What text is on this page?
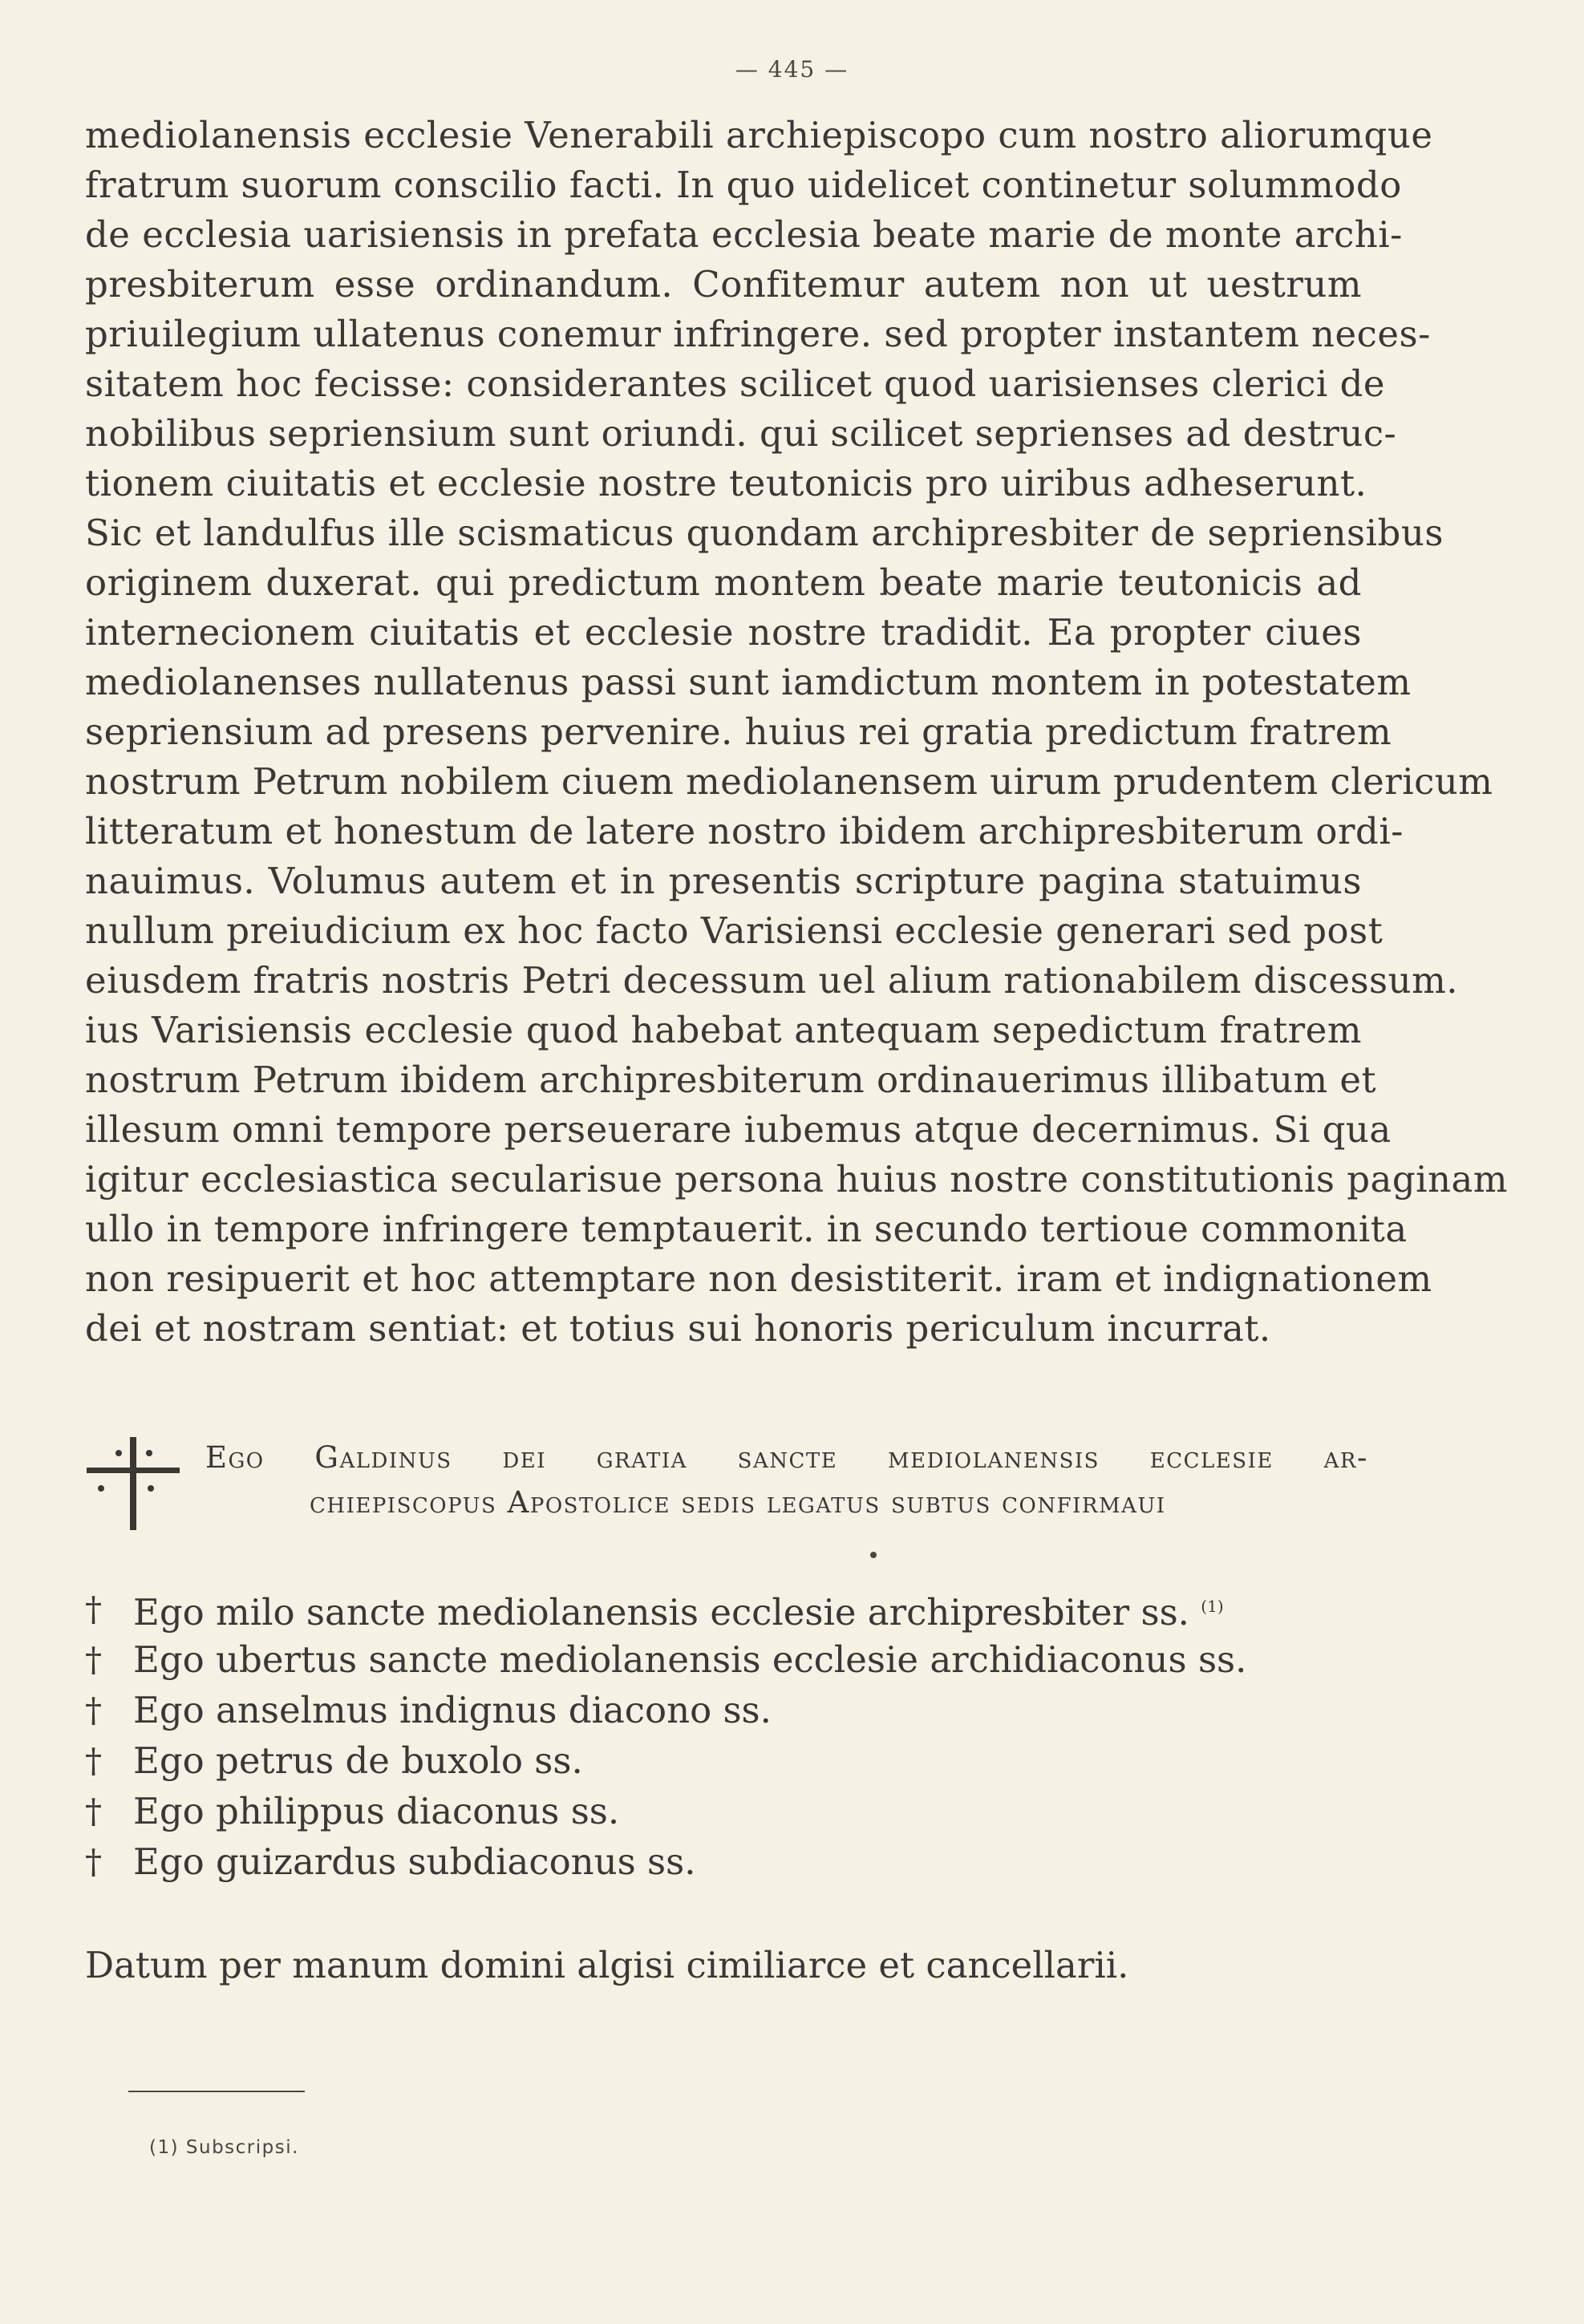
— 445 —
mediolanensis ecclesie Venerabili archiepiscopo cum nostro aliorumque
fratrum suorum conscilio facti. In quo uidelicet continetur solummodo
de ecclesia uarisiensis in prefata ecclesia beate marie de monte archi-
presbiterum esse ordinandum. Confitemur autem non ut uestrum
priuilegium ullatenus conemur infringere. sed propter instantem neces-
sitatem hoc fecisse: considerantes scilicet quod uarisienses clerici de
nobilibus sepriensium sunt oriundi. qui scilicet seprienses ad destruc-
tionem ciuitatis et ecclesie nostre teutonicis pro uiribus adheserunt.
Sic et landulfus ille scismaticus quondam archipresbiter de sepriensibus
originem duxerat. qui predictum montem beate marie teutonicis ad
internecionem ciuitatis et ecclesie nostre tradidit. Ea propter ciues
mediolanenses nullatenus passi sunt iamdictum montem in potestatem
sepriensium ad presens pervenire. huius rei gratia predictum fratrem
nostrum Petrum nobilem ciuem mediolanensem uirum prudentem clericum
litteratum et honestum de latere nostro ibidem archipresbiterum ordi-
nauimus. Volumus autem et in presentis scripture pagina statuimus
nullum preiudicium ex hoc facto Varisiensi ecclesie generari sed post
eiusdem fratris nostris Petri decessum uel alium rationabilem discessum.
ius Varisiensis ecclesie quod habebat antequam sepedictum fratrem
nostrum Petrum ibidem archipresbiterum ordinauerimus illibatum et
illesum omni tempore perseuerare iubemus atque decernimus. Si qua
igitur ecclesiastica secularisue persona huius nostre constitutionis paginam
ullo in tempore infringere temptauerit. in secundo tertioue commonita
non resipuerit et hoc attemptare non desistiterit. iram et indignationem
dei et nostram sentiat: et totius sui honoris periculum incurrat.
Ego Galdinus dei gratia sancte mediolanensis ecclesie ar-
chiepiscopus Apostolice sedis legatus subtus confirmaui
† Ego milo sancte mediolanensis ecclesie archipresbiter ss. $^{(1)}$
† Ego ubertus sancte mediolanensis ecclesie archidiaconus ss.
† Ego anselmus indignus diacono ss.
† Ego petrus de buxolo ss.
† Ego philippus diaconus ss.
† Ego guizardus subdiaconus ss.
Datum per manum domini algisi cimiliarce et cancellarii.
(1) Subscripsi.
